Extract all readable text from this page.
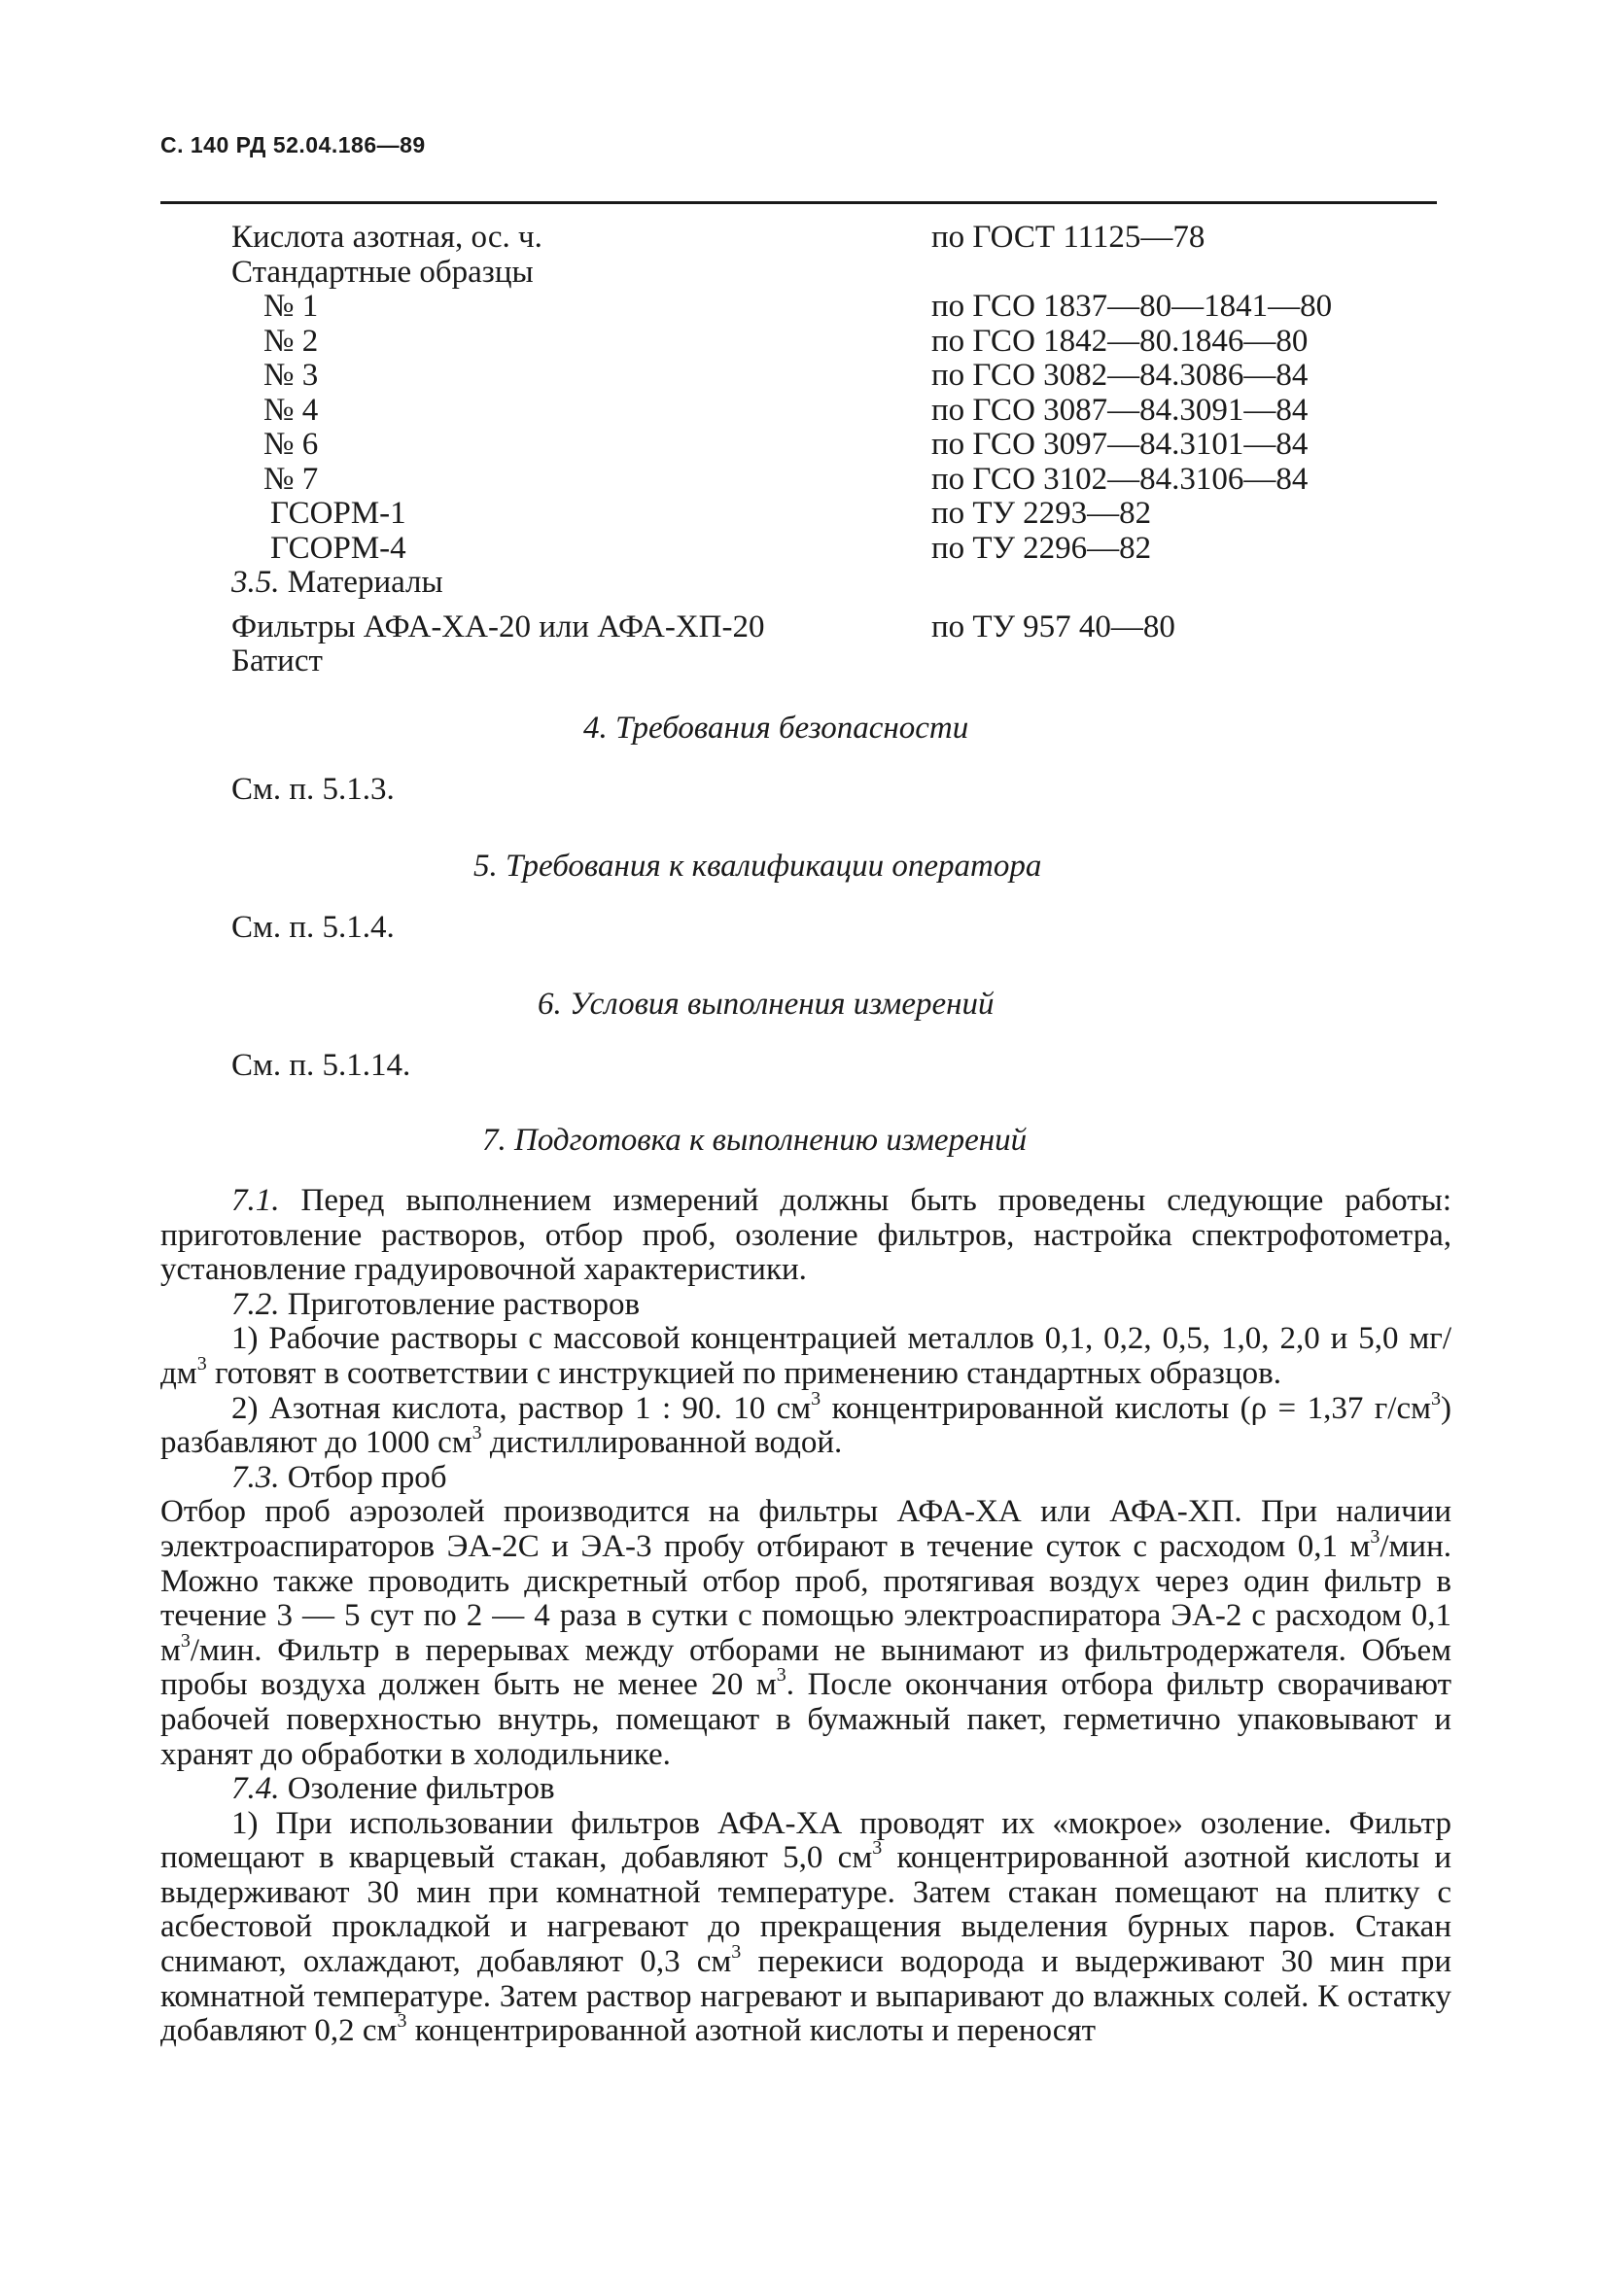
С. 140 РД 52.04.186—89
Кислота азотная, ос. ч.	по ГОСТ 11125—78
Стандартные образцы
№ 1	по ГСО 1837—80—1841—80
№ 2	по ГСО 1842—80.1846—80
№ 3	по ГСО 3082—84.3086—84
№ 4	по ГСО 3087—84.3091—84
№ 6	по ГСО 3097—84.3101—84
№ 7	по ГСО 3102—84.3106—84
ГСОРМ-1	по ТУ 2293—82
ГСОРМ-4	по ТУ 2296—82
3.5. Материалы
Фильтры АФА-ХА-20 или АФА-ХП-20	по ТУ 957 40—80
Батист
4. Требования безопасности
См. п. 5.1.3.
5. Требования к квалификации оператора
См. п. 5.1.4.
6. Условия выполнения измерений
См. п. 5.1.14.
7. Подготовка к выполнению измерений

7.1. Перед выполнением измерений должны быть проведены следующие работы: приготовление растворов, отбор проб, озоление фильтров, настройка спектрофотометра, установление градуировочной характеристики.

7.2. Приготовление растворов

1) Рабочие растворы с массовой концентрацией металлов 0,1, 0,2, 0,5, 1,0, 2,0 и 5,0 $мг/дм^3$ готовят в соответствии с инструкцией по применению стандартных образцов.

2) Азотная кислота, раствор 1 : 90. 10 $см^3$ концентрированной кислоты (ρ = 1,37 $г/см^3$) разбавляют до 1000 $см^3$ дистиллированной водой.

7.3. Отбор проб

Отбор проб аэрозолей производится на фильтры АФА-ХА или АФА-ХП. При наличии электроаспираторов ЭА-2С и ЭА-3 пробу отбирают в течение суток с расходом 0,1 $м^3$/мин. Можно также проводить дискретный отбор проб, протягивая воздух через один фильтр в течение 3 — 5 сут по 2 — 4 раза в сутки с помощью электроаспиратора ЭА-2 с расходом 0,1 $м^3$/мин. Фильтр в перерывах между отборами не вынимают из фильтродержателя. Объем пробы воздуха должен быть не менее 20 $м^3$. После окончания отбора фильтр сворачивают рабочей поверхностью внутрь, помещают в бумажный пакет, герметично упаковывают и хранят до обработки в холодильнике.

7.4. Озоление фильтров

1) При использовании фильтров АФА-ХА проводят их «мокрое» озоление. Фильтр помещают в кварцевый стакан, добавляют 5,0 $см^3$ концентрированной азотной кислоты и выдерживают 30 мин при комнатной температуре. Затем стакан помещают на плитку с асбестовой прокладкой и нагревают до прекращения выделения бурных паров. Стакан снимают, охлаждают, добавляют 0,3 $см^3$ перекиси водорода и выдерживают 30 мин при комнатной температуре. Затем раствор нагревают и выпаривают до влажных солей. К остатку добавляют 0,2 $см^3$ концентрированной азотной кислоты и переносят
